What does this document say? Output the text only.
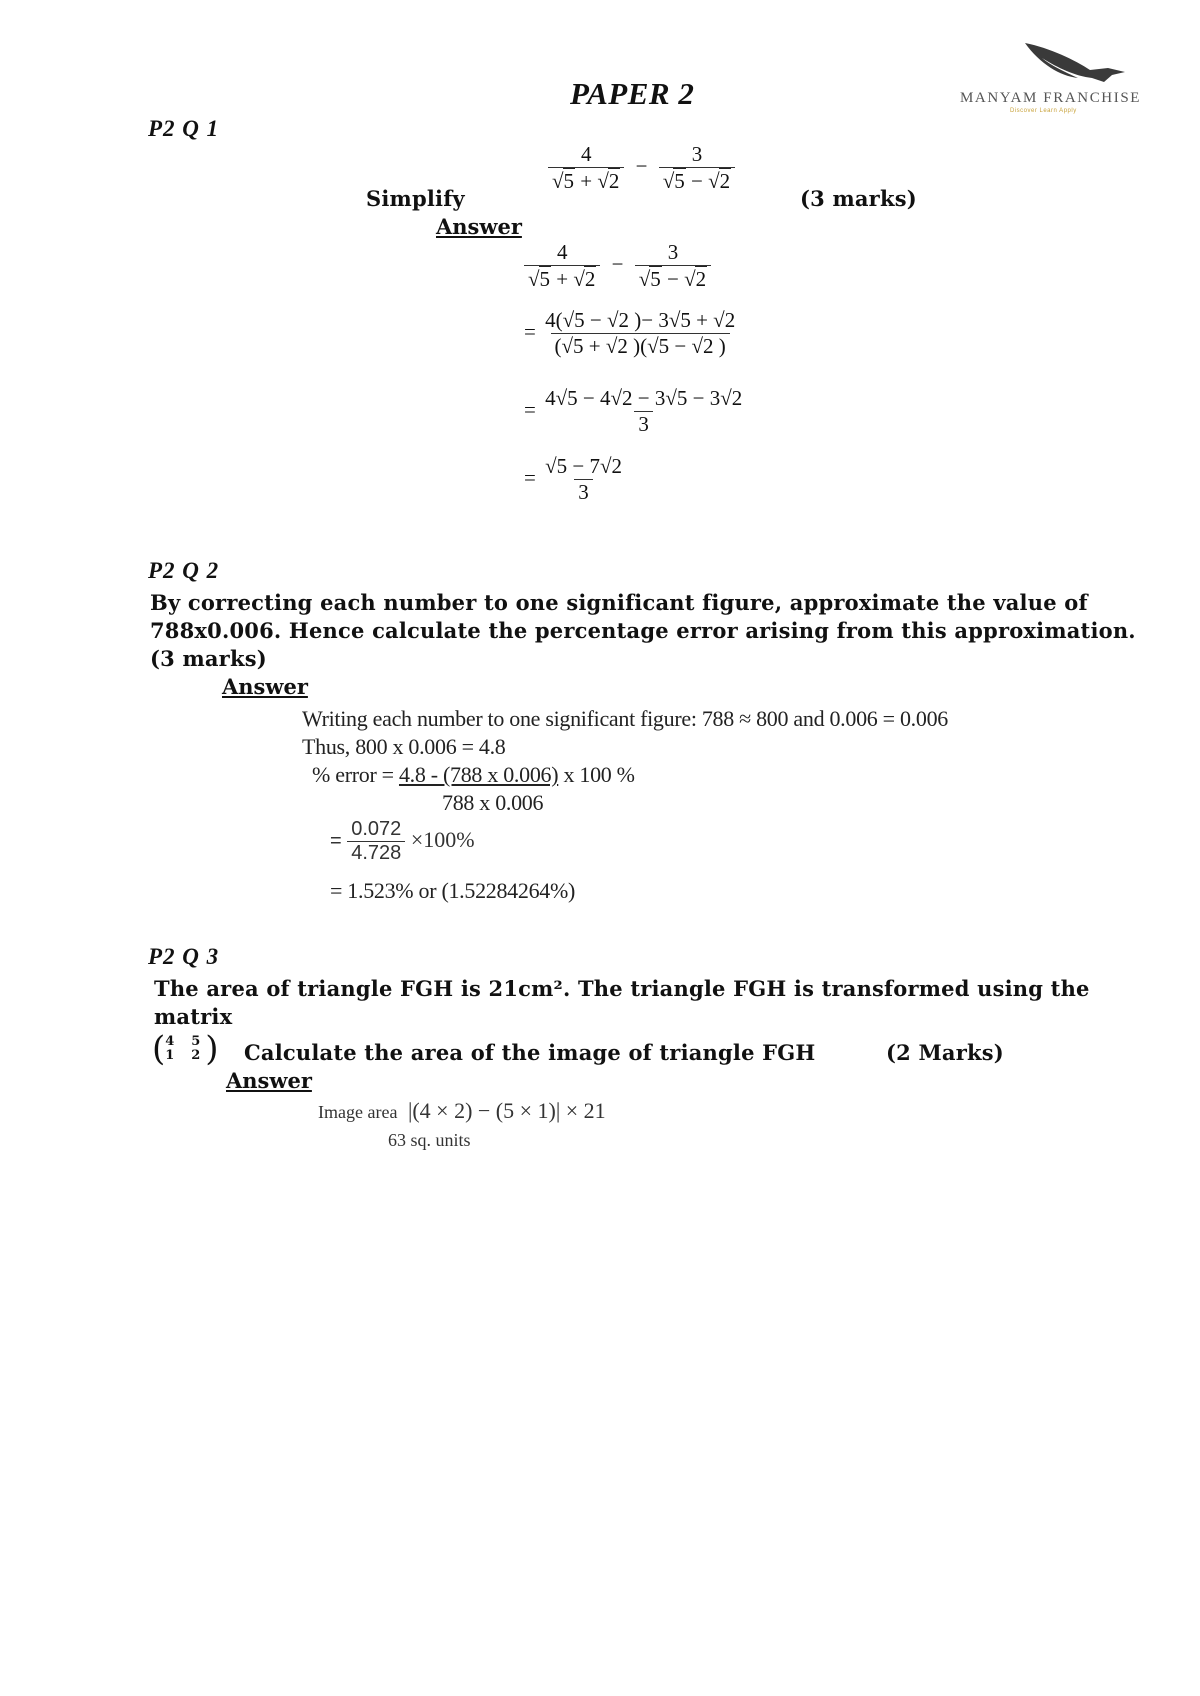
PAPER 2	MANYAM FRANCHISE
Discover Learn Apply
P2 Q 1
Simplify
$\frac{4}{√5 + √2} - \frac{3}{√5 - √2}$
(3 marks)
Answer
$\frac{4}{√5 + √2} - \frac{3}{√5 - √2}$
= $\frac{4(√5 - √2 )- 3√5 + √2}{(√5 + √2 )(√5 - √2 )}$
= $\frac{4√5 - 4√2 - 3√5 - 3√2}{3}$
= $\frac{√5 - 7√2}{3}$
P2 Q 2
By correcting each number to one significant figure, approximate the value of
788x0.006. Hence calculate the percentage error arising from this approximation.
(3 marks)
Answer
Writing each number to one significant figure: 788 ≈ 800 and 0.006 = 0.006
Thus, 800 x 0.006 = 4.8
% error = 4.8 - (788 x 0.006) x 100 %
788 x 0.006
= $\frac{0.072}{4.728} \times 100\%$
= 1.523% or (1.52284264%)
P2 Q 3
The area of triangle FGH is 21cm². The triangle FGH is transformed using the
matrix
( 4	5
1	2 ) Calculate the area of the image of triangle FGH	(2 Marks)
Answer
Image area |(4 × 2) − (5 × 1)| × 21
63 sq. units
